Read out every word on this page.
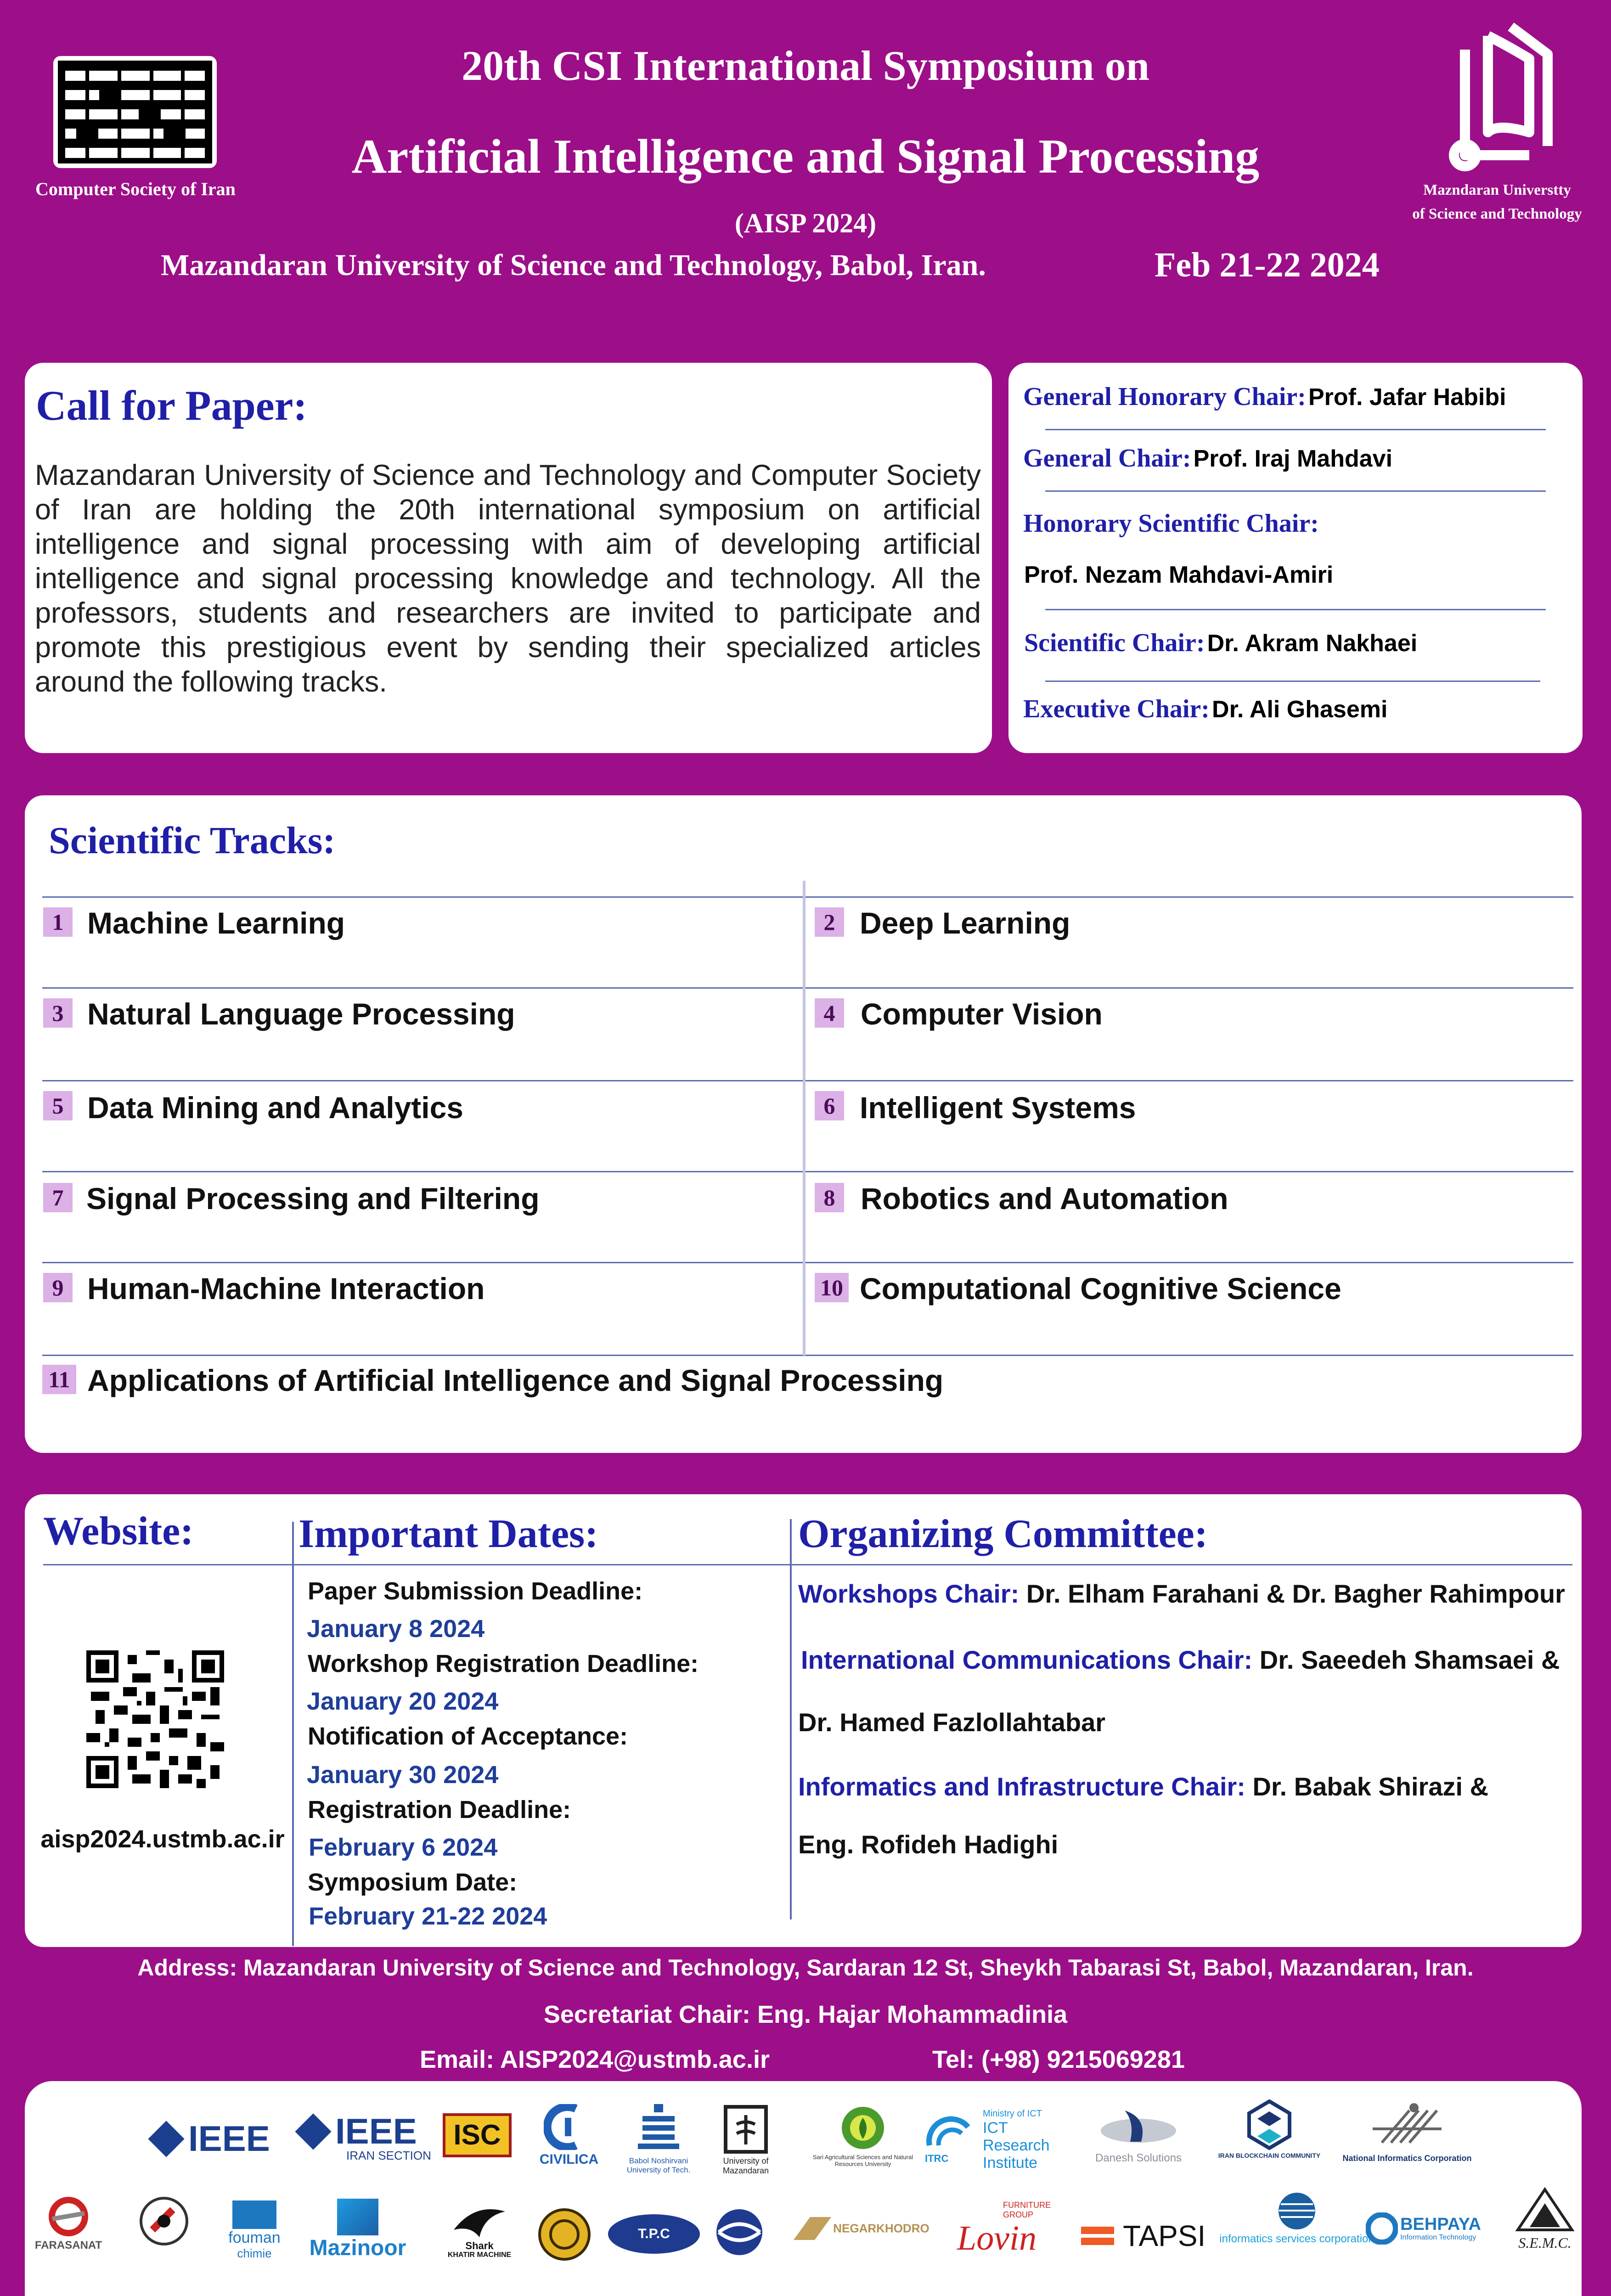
20th CSI International Symposium on
Artificial Intelligence and Signal Processing
(AISP 2024)
Mazandaran University of Science and Technology, Babol, Iran.	Feb 21-22 2024
Computer Society of Iran	Mazndaran Universtty
of Science and Technology
Call for Paper:
Mazandaran University of Science and Technology and Computer Society of Iran are holding the 20th international symposium on artificial intelligence and signal processing with aim of developing artificial intelligence and signal processing knowledge and technology. All the professors, students and researchers are invited to participate and promote this prestigious event by sending their specialized articles around the following tracks.
General Honorary Chair: Prof. Jafar Habibi
General Chair: Prof. Iraj Mahdavi
Honorary Scientific Chair:
Prof. Nezam Mahdavi-Amiri
Scientific Chair: Dr. Akram Nakhaei
Executive Chair: Dr. Ali Ghasemi
Scientific Tracks:
1 Machine Learning	2 Deep Learning
3 Natural Language Processing	4 Computer Vision
5 Data Mining and Analytics	6 Intelligent Systems
7 Signal Processing and Filtering	8 Robotics and Automation
9 Human-Machine Interaction	10 Computational Cognitive Science
11 Applications of Artificial Intelligence and Signal Processing
Website:
aisp2024.ustmb.ac.ir
Important Dates:
Paper Submission Deadline:
January 8 2024
Workshop Registration Deadline:
January 20 2024
Notification of Acceptance:
January 30 2024
Registration Deadline:
February 6 2024
Symposium Date:
February 21-22 2024
Organizing Committee:
Workshops Chair: Dr. Elham Farahani & Dr. Bagher Rahimpour
International Communications Chair: Dr. Saeedeh Shamsaei &
Dr. Hamed Fazlollahtabar
Informatics and Infrastructure Chair: Dr. Babak Shirazi &
Eng. Rofideh Hadighi
Address: Mazandaran University of Science and Technology, Sardaran 12 St, Sheykh Tabarasi St, Babol, Mazandaran, Iran.
Secretariat Chair: Eng. Hajar Mohammadinia
Email: AISP2024@ustmb.ac.ir	Tel: (+98) 9215069281
IEEE	IEEE
IRAN SECTION
ISC
CIVILICA	Babol Noshirvani University of Tech.
University of Mazandaran
Sari Agricultural Sciences and Natural Resources University	ITRC
Ministry of ICT
ICT Research Institute	Danesh Solutions	IRAN BLOCKCHAIN COMMUNITY	National Informatics Corporation
FARASANAT	fouman
chimie	Mazinoor	Shark
KHATIR MACHINE
T.P.C	NEGARKHODRO
FURNITURE GROUP
Lovin	TAPSI informatics services corporation

BEHPAYA
Information Technology	S.E.M.C.
